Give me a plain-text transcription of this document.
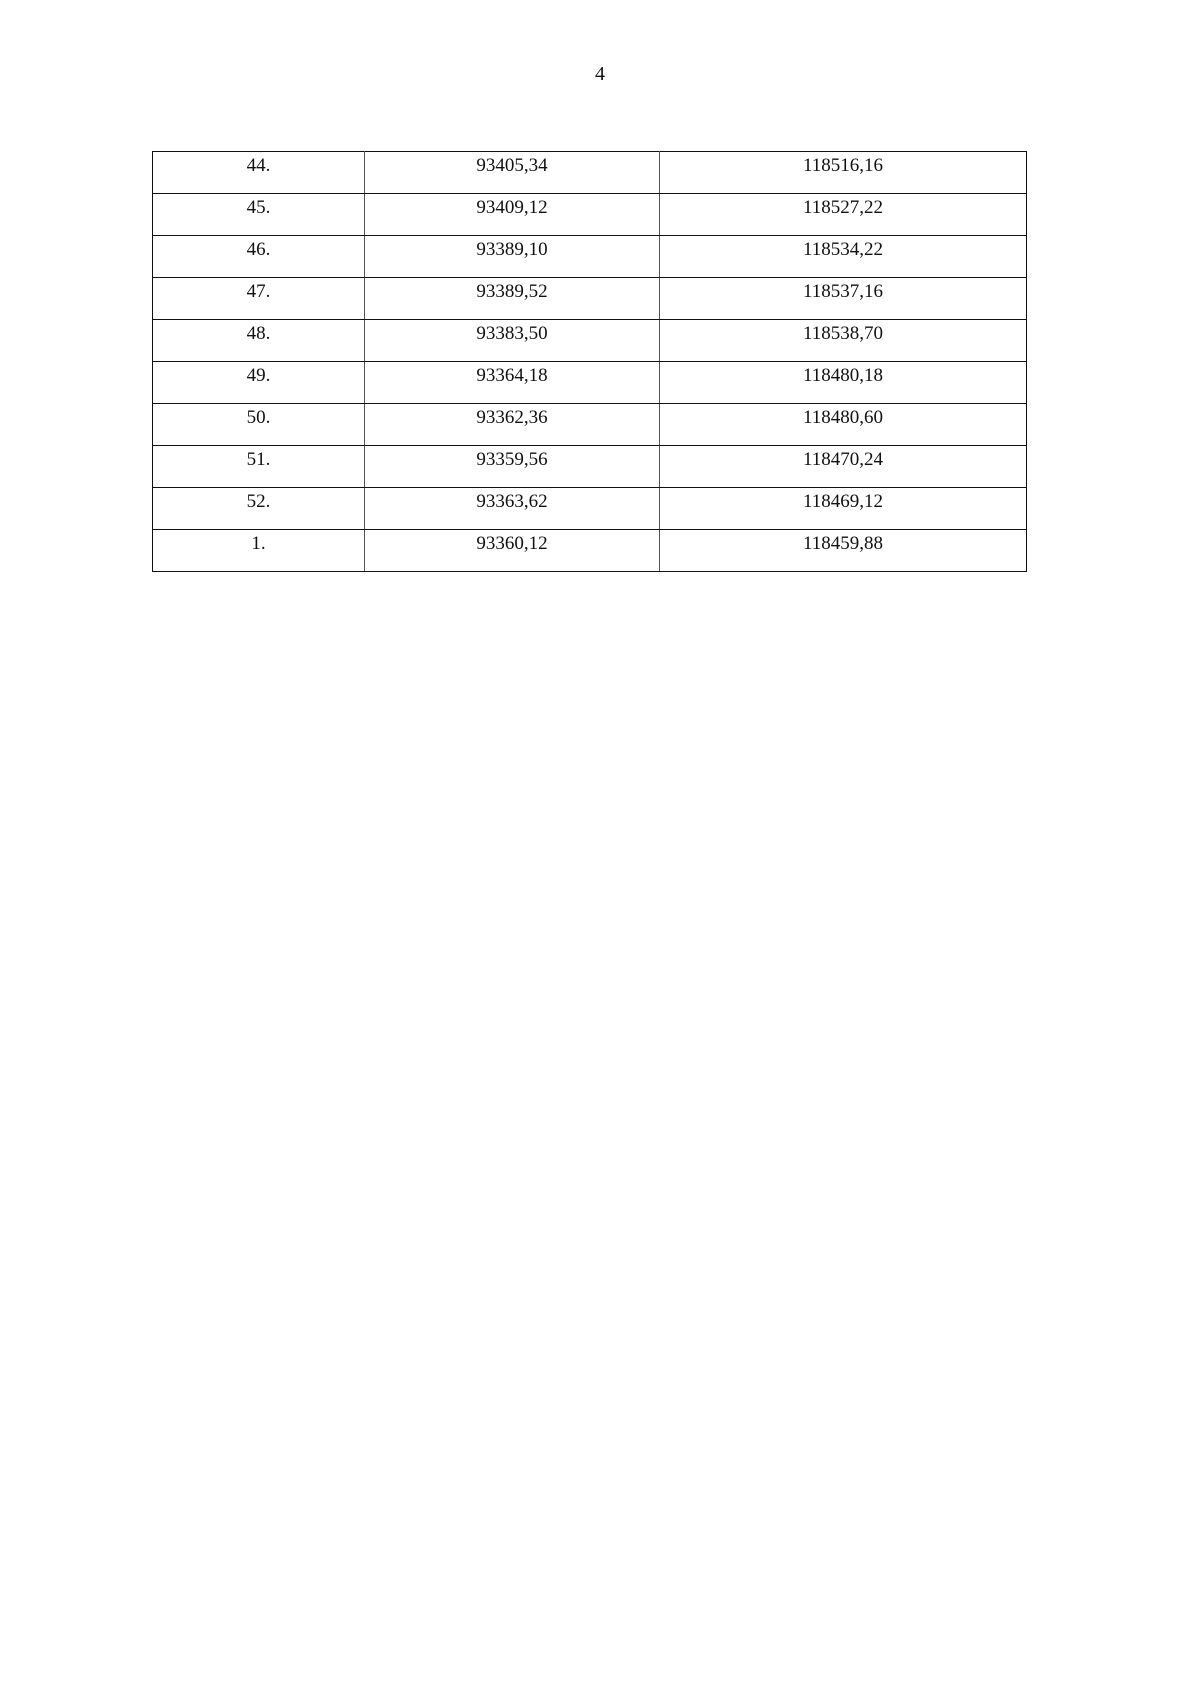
4
44.	93405,34	118516,16
45.	93409,12	118527,22
46.	93389,10	118534,22
47.	93389,52	118537,16
48.	93383,50	118538,70
49.	93364,18	118480,18
50.	93362,36	118480,60
51.	93359,56	118470,24
52.	93363,62	118469,12
1.	93360,12	118459,88
